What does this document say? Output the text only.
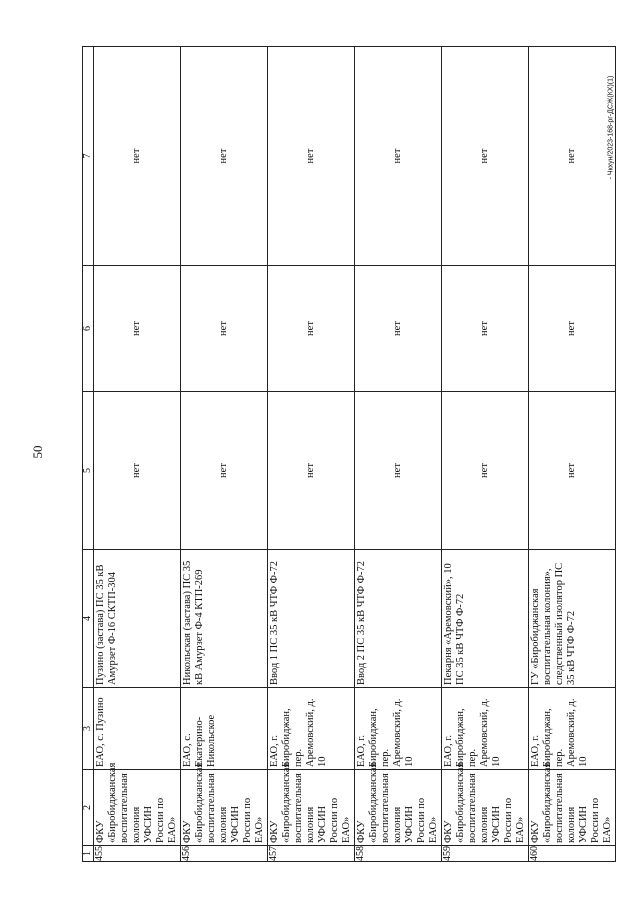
50
- Чкхун/2023-168-рг-ДСЖ(КХ)(1)
1	2	3	4	5	6	7
455	ФКУ «Биробиджанская воспитательная колония УФСИН России по ЕАО»	ЕАО, с. Пузино	Пузино (застава) ПС 35 кВ Амурзет Ф-16 СКТП-304	нет	нет	нет
456	ФКУ «Биробиджанская воспитательная колония УФСИН России по ЕАО»	ЕАО, с. Екатерино-Никольское	Никольская (застава) ПС 35 кВ Амурзет Ф-4 КТП-269	нет	нет	нет
457	ФКУ «Биробиджанская воспитательная колония УФСИН России по ЕАО»	ЕАО, г. Биробиджан, пер. Аремовский, д. 10	Ввод 1 ПС 35 кВ ЧТФ Ф-72	нет	нет	нет
458	ФКУ «Биробиджанская воспитательная колония УФСИН России по ЕАО»	ЕАО, г. Биробиджан, пер. Аремовский, д. 10	Ввод 2 ПС 35 кВ ЧТФ Ф-72	нет	нет	нет
459	ФКУ «Биробиджанская воспитательная колония УФСИН России по ЕАО»	ЕАО, г. Биробиджан, пер. Аремовский, д. 10	Пекарня «Аремовский», 10 ПС 35 кВ ЧТФ Ф-72	нет	нет	нет
460	ФКУ «Биробиджанская воспитательная колония УФСИН России по ЕАО»	ЕАО, г. Биробиджан, пер. Аремовский, д. 10	ГУ «Биробиджанская воспитательная колония», следственный изолятор ПС 35 кВ ЧТФ Ф-72	нет	нет	нет
